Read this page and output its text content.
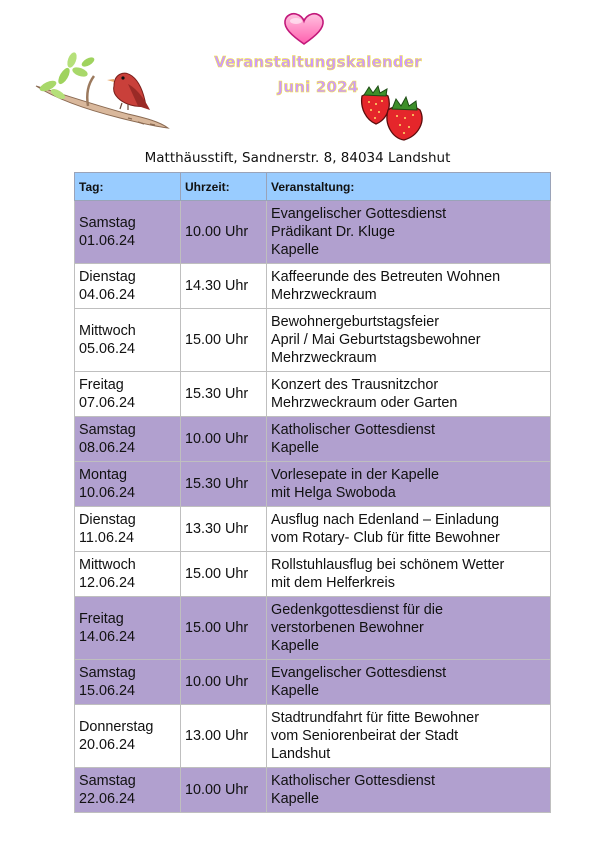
Veranstaltungskalender
Juni 2024
Matthäusstift, Sandnerstr. 8, 84034 Landshut
Tag:	Uhrzeit:	Veranstaltung:

Samstag
01.06.24	10.00 Uhr	Evangelischer Gottesdienst
Prädikant Dr. Kluge
Kapelle

Dienstag
04.06.24	14.30 Uhr	Kaffeerunde des Betreuten Wohnen
Mehrzweckraum

Mittwoch
05.06.24	15.00 Uhr	Bewohnergeburtstagsfeier
April / Mai Geburtstagsbewohner
Mehrzweckraum

Freitag
07.06.24	15.30 Uhr	Konzert des Trausnitzchor
Mehrzweckraum oder Garten

Samstag
08.06.24	10.00 Uhr	Katholischer Gottesdienst
Kapelle

Montag
10.06.24	15.30 Uhr	Vorlesepate in der Kapelle
mit Helga Swoboda

Dienstag
11.06.24	13.30 Uhr	Ausflug nach Edenland – Einladung
vom Rotary- Club für fitte Bewohner

Mittwoch
12.06.24	15.00 Uhr	Rollstuhlausflug bei schönem Wetter
mit dem Helferkreis

Freitag
14.06.24	15.00 Uhr	Gedenkgottesdienst für die
verstorbenen Bewohner
Kapelle

Samstag
15.06.24	10.00 Uhr	Evangelischer Gottesdienst
Kapelle

Donnerstag
20.06.24	13.00 Uhr	Stadtrundfahrt für fitte Bewohner
vom Seniorenbeirat der Stadt
Landshut

Samstag
22.06.24	10.00 Uhr	Katholischer Gottesdienst
Kapelle
